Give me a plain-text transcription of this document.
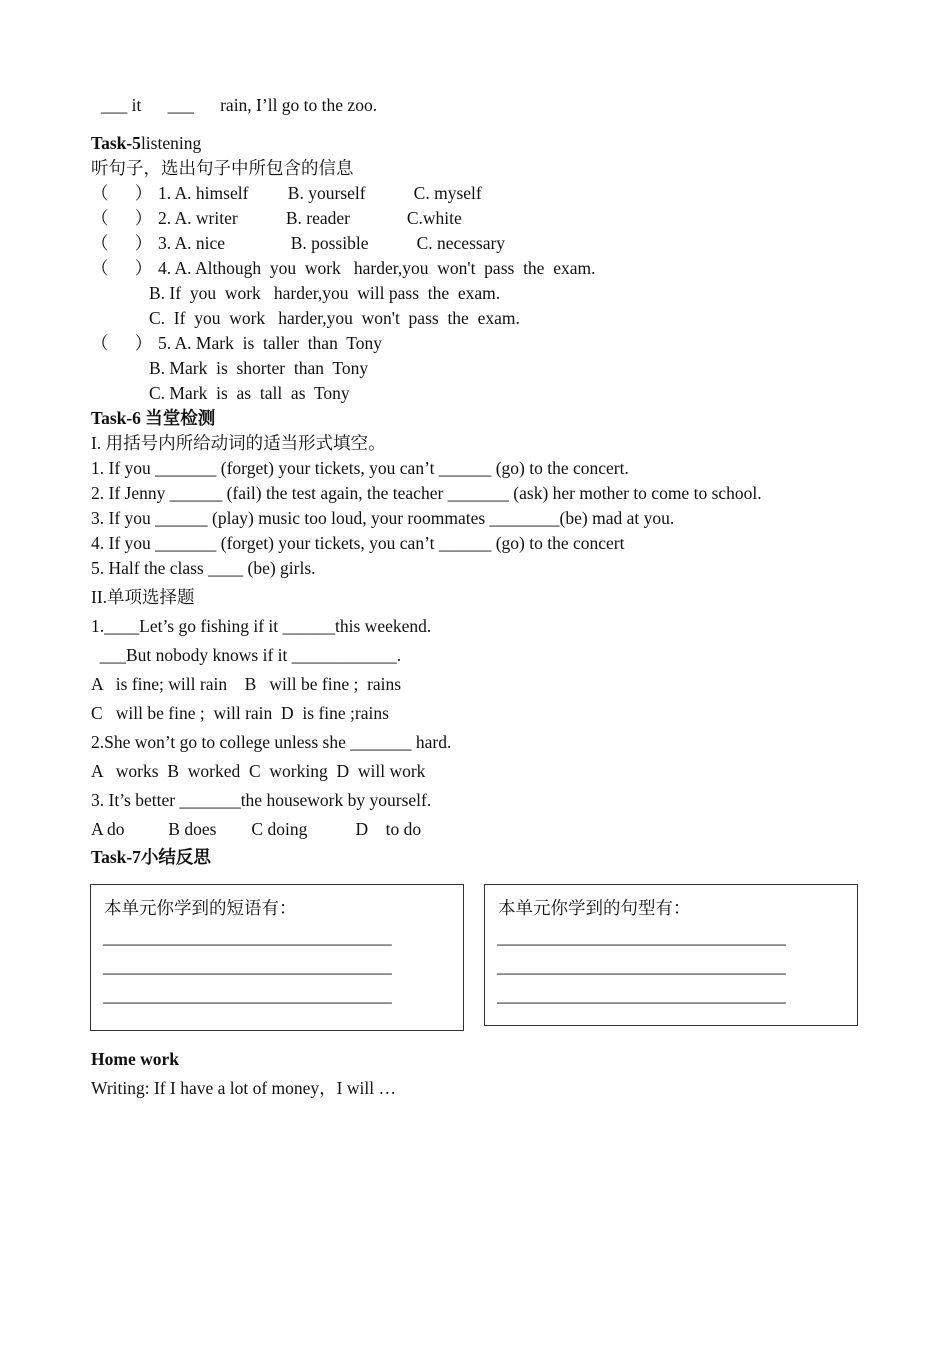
___ it      ___      rain, I’ll go to the zoo.
Task-5listening
听句子，选出句子中所包含的信息
（      ） 1. A. himself         B. yourself           C. myself
（      ） 2. A. writer           B. reader             C.white
（      ） 3. A. nice               B. possible           C. necessary
（      ） 4. A. Although  you  work   harder,you  won't  pass  the  exam.
B. If  you  work   harder,you  will pass  the  exam.
C.  If  you  work   harder,you  won't  pass  the  exam.
（      ） 5. A. Mark  is  taller  than  Tony
B. Mark  is  shorter  than  Tony
C. Mark  is  as  tall  as  Tony
Task-6 当堂检测
I. 用括号内所给动词的适当形式填空。
1. If you _______ (forget) your tickets, you can’t ______ (go) to the concert.
2. If Jenny ______ (fail) the test again, the teacher _______ (ask) her mother to come to school.
3. If you ______ (play) music too loud, your roommates ________(be) mad at you.
4. If you _______ (forget) your tickets, you can’t ______ (go) to the concert
5. Half the class ____ (be) girls.
II.单项选择题
1.____Let’s go fishing if it ______this weekend.
___But nobody knows if it ____________.
A   is fine; will rain    B   will be fine ;  rains
C   will be fine ;  will rain  D  is fine ;rains
2.She won’t go to college unless she _______ hard.
A   works  B  worked  C  working  D  will work
3. It’s better _______the housework by yourself.
A do          B does        C doing           D    to do
Task-7小结反思
本单元你学到的短语有：
_________________________________
_________________________________
_________________________________
本单元你学到的句型有：
_________________________________
_________________________________
_________________________________
Home work
Writing: If I have a lot of money，I will …
